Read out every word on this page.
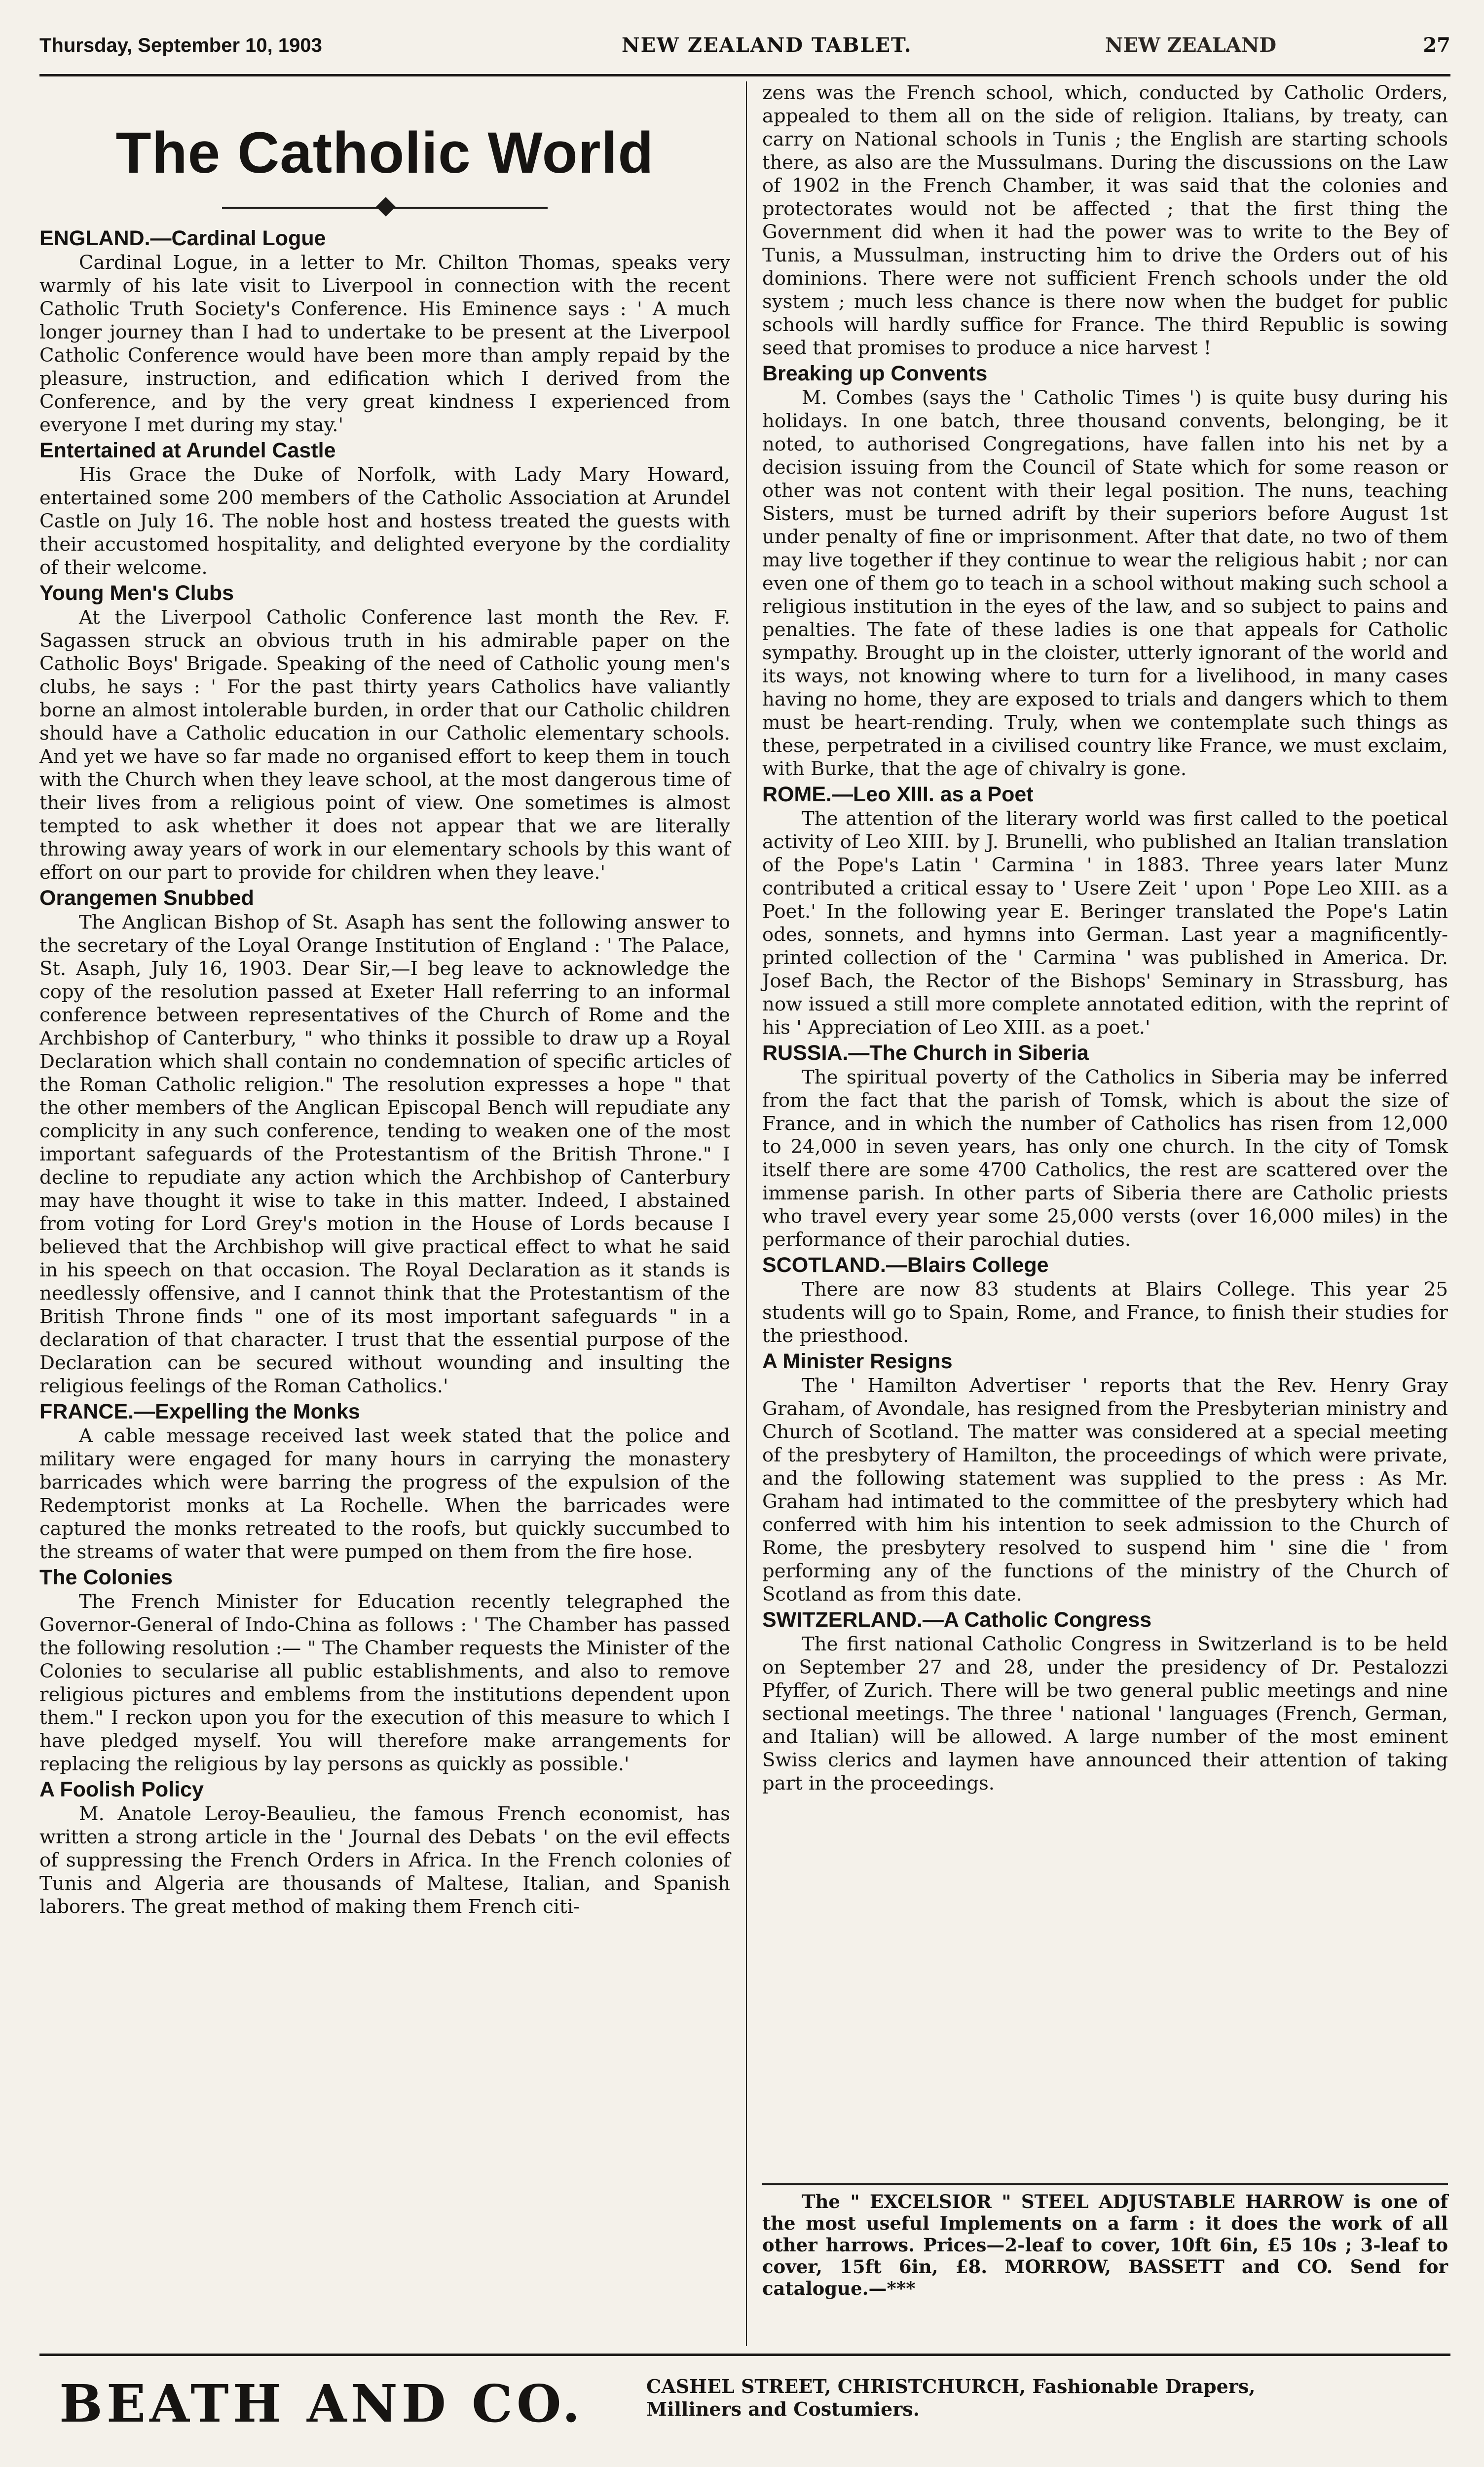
Thursday, September 10, 1903	NEW ZEALAND TABLET.	NEW ZEALAND	27
The Catholic World
ENGLAND.—Cardinal Logue

Cardinal Logue, in a letter to Mr. Chilton Thomas, speaks very warmly of his late visit to Liverpool in connection with the recent Catholic Truth Society's Conference. His Eminence says : ' A much longer journey than I had to undertake to be present at the Liverpool Catholic Conference would have been more than amply repaid by the pleasure, instruction, and edification which I derived from the Conference, and by the very great kindness I experienced from everyone I met during my stay.'

Entertained at Arundel Castle

His Grace the Duke of Norfolk, with Lady Mary Howard, entertained some 200 members of the Catholic Association at Arundel Castle on July 16. The noble host and hostess treated the guests with their accustomed hospitality, and delighted everyone by the cordiality of their welcome.

Young Men's Clubs

At the Liverpool Catholic Conference last month the Rev. F. Sagassen struck an obvious truth in his admirable paper on the Catholic Boys' Brigade. Speaking of the need of Catholic young men's clubs, he says : ' For the past thirty years Catholics have valiantly borne an almost intolerable burden, in order that our Catholic children should have a Catholic education in our Catholic elementary schools. And yet we have so far made no organised effort to keep them in touch with the Church when they leave school, at the most dangerous time of their lives from a religious point of view. One sometimes is almost tempted to ask whether it does not appear that we are literally throwing away years of work in our elementary schools by this want of effort on our part to provide for children when they leave.'

Orangemen Snubbed

The Anglican Bishop of St. Asaph has sent the following answer to the secretary of the Loyal Orange Institution of England : ' The Palace, St. Asaph, July 16, 1903. Dear Sir,—I beg leave to acknowledge the copy of the resolution passed at Exeter Hall referring to an informal conference between representatives of the Church of Rome and the Archbishop of Canterbury, " who thinks it possible to draw up a Royal Declaration which shall contain no condemnation of specific articles of the Roman Catholic religion." The resolution expresses a hope " that the other members of the Anglican Episcopal Bench will repudiate any complicity in any such conference, tending to weaken one of the most important safeguards of the Protestantism of the British Throne." I decline to repudiate any action which the Archbishop of Canterbury may have thought it wise to take in this matter. Indeed, I abstained from voting for Lord Grey's motion in the House of Lords because I believed that the Archbishop will give practical effect to what he said in his speech on that occasion. The Royal Declaration as it stands is needlessly offensive, and I cannot think that the Protestantism of the British Throne finds " one of its most important safeguards " in a declaration of that character. I trust that the essential purpose of the Declaration can be secured without wounding and insulting the religious feelings of the Roman Catholics.'

FRANCE.—Expelling the Monks

A cable message received last week stated that the police and military were engaged for many hours in carrying the monastery barricades which were barring the progress of the expulsion of the Redemptorist monks at La Rochelle. When the barricades were captured the monks retreated to the roofs, but quickly succumbed to the streams of water that were pumped on them from the fire hose.

The Colonies

The French Minister for Education recently telegraphed the Governor-General of Indo-China as follows : ' The Chamber has passed the following resolution :— " The Chamber requests the Minister of the Colonies to secularise all public establishments, and also to remove religious pictures and emblems from the institutions dependent upon them." I reckon upon you for the execution of this measure to which I have pledged myself. You will therefore make arrangements for replacing the religious by lay persons as quickly as possible.'

A Foolish Policy

M. Anatole Leroy-Beaulieu, the famous French economist, has written a strong article in the ' Journal des Debats ' on the evil effects of suppressing the French Orders in Africa. In the French colonies of Tunis and Algeria are thousands of Maltese, Italian, and Spanish laborers. The great method of making them French citi-

zens was the French school, which, conducted by Catholic Orders, appealed to them all on the side of religion. Italians, by treaty, can carry on National schools in Tunis ; the English are starting schools there, as also are the Mussulmans. During the discussions on the Law of 1902 in the French Chamber, it was said that the colonies and protectorates would not be affected ; that the first thing the Government did when it had the power was to write to the Bey of Tunis, a Mussulman, instructing him to drive the Orders out of his dominions. There were not sufficient French schools under the old system ; much less chance is there now when the budget for public schools will hardly suffice for France. The third Republic is sowing seed that promises to produce a nice harvest !

Breaking up Convents

M. Combes (says the ' Catholic Times ') is quite busy during his holidays. In one batch, three thousand convents, belonging, be it noted, to authorised Congregations, have fallen into his net by a decision issuing from the Council of State which for some reason or other was not content with their legal position. The nuns, teaching Sisters, must be turned adrift by their superiors before August 1st under penalty of fine or imprisonment. After that date, no two of them may live together if they continue to wear the religious habit ; nor can even one of them go to teach in a school without making such school a religious institution in the eyes of the law, and so subject to pains and penalties. The fate of these ladies is one that appeals for Catholic sympathy. Brought up in the cloister, utterly ignorant of the world and its ways, not knowing where to turn for a livelihood, in many cases having no home, they are exposed to trials and dangers which to them must be heart-rending. Truly, when we contemplate such things as these, perpetrated in a civilised country like France, we must exclaim, with Burke, that the age of chivalry is gone.

ROME.—Leo XIII. as a Poet

The attention of the literary world was first called to the poetical activity of Leo XIII. by J. Brunelli, who published an Italian translation of the Pope's Latin ' Carmina ' in 1883. Three years later Munz contributed a critical essay to ' Usere Zeit ' upon ' Pope Leo XIII. as a Poet.' In the following year E. Beringer translated the Pope's Latin odes, sonnets, and hymns into German. Last year a magnificently-printed collection of the ' Carmina ' was published in America. Dr. Josef Bach, the Rector of the Bishops' Seminary in Strassburg, has now issued a still more complete annotated edition, with the reprint of his ' Appreciation of Leo XIII. as a poet.'

RUSSIA.—The Church in Siberia

The spiritual poverty of the Catholics in Siberia may be inferred from the fact that the parish of Tomsk, which is about the size of France, and in which the number of Catholics has risen from 12,000 to 24,000 in seven years, has only one church. In the city of Tomsk itself there are some 4700 Catholics, the rest are scattered over the immense parish. In other parts of Siberia there are Catholic priests who travel every year some 25,000 versts (over 16,000 miles) in the performance of their parochial duties.

SCOTLAND.—Blairs College

There are now 83 students at Blairs College. This year 25 students will go to Spain, Rome, and France, to finish their studies for the priesthood.

A Minister Resigns

The ' Hamilton Advertiser ' reports that the Rev. Henry Gray Graham, of Avondale, has resigned from the Presbyterian ministry and Church of Scotland. The matter was considered at a special meeting of the presbytery of Hamilton, the proceedings of which were private, and the following statement was supplied to the press : As Mr. Graham had intimated to the committee of the presbytery which had conferred with him his intention to seek admission to the Church of Rome, the presbytery resolved to suspend him ' sine die ' from performing any of the functions of the ministry of the Church of Scotland as from this date.

SWITZERLAND.—A Catholic Congress

The first national Catholic Congress in Switzerland is to be held on September 27 and 28, under the presidency of Dr. Pestalozzi Pfyffer, of Zurich. There will be two general public meetings and nine sectional meetings. The three ' national ' languages (French, German, and Italian) will be allowed. A large number of the most eminent Swiss clerics and laymen have announced their attention of taking part in the proceedings.

The " EXCELSIOR " STEEL ADJUSTABLE HARROW is one of the most useful Implements on a farm : it does the work of all other harrows. Prices—2-leaf to cover, 10ft 6in, £5 10s ; 3-leaf to cover, 15ft 6in, £8. MORROW, BASSETT and CO. Send for catalogue.—***

BEATH AND CO.	CASHEL STREET, CHRISTCHURCH, Fashionable Drapers, Milliners and Costumiers.
